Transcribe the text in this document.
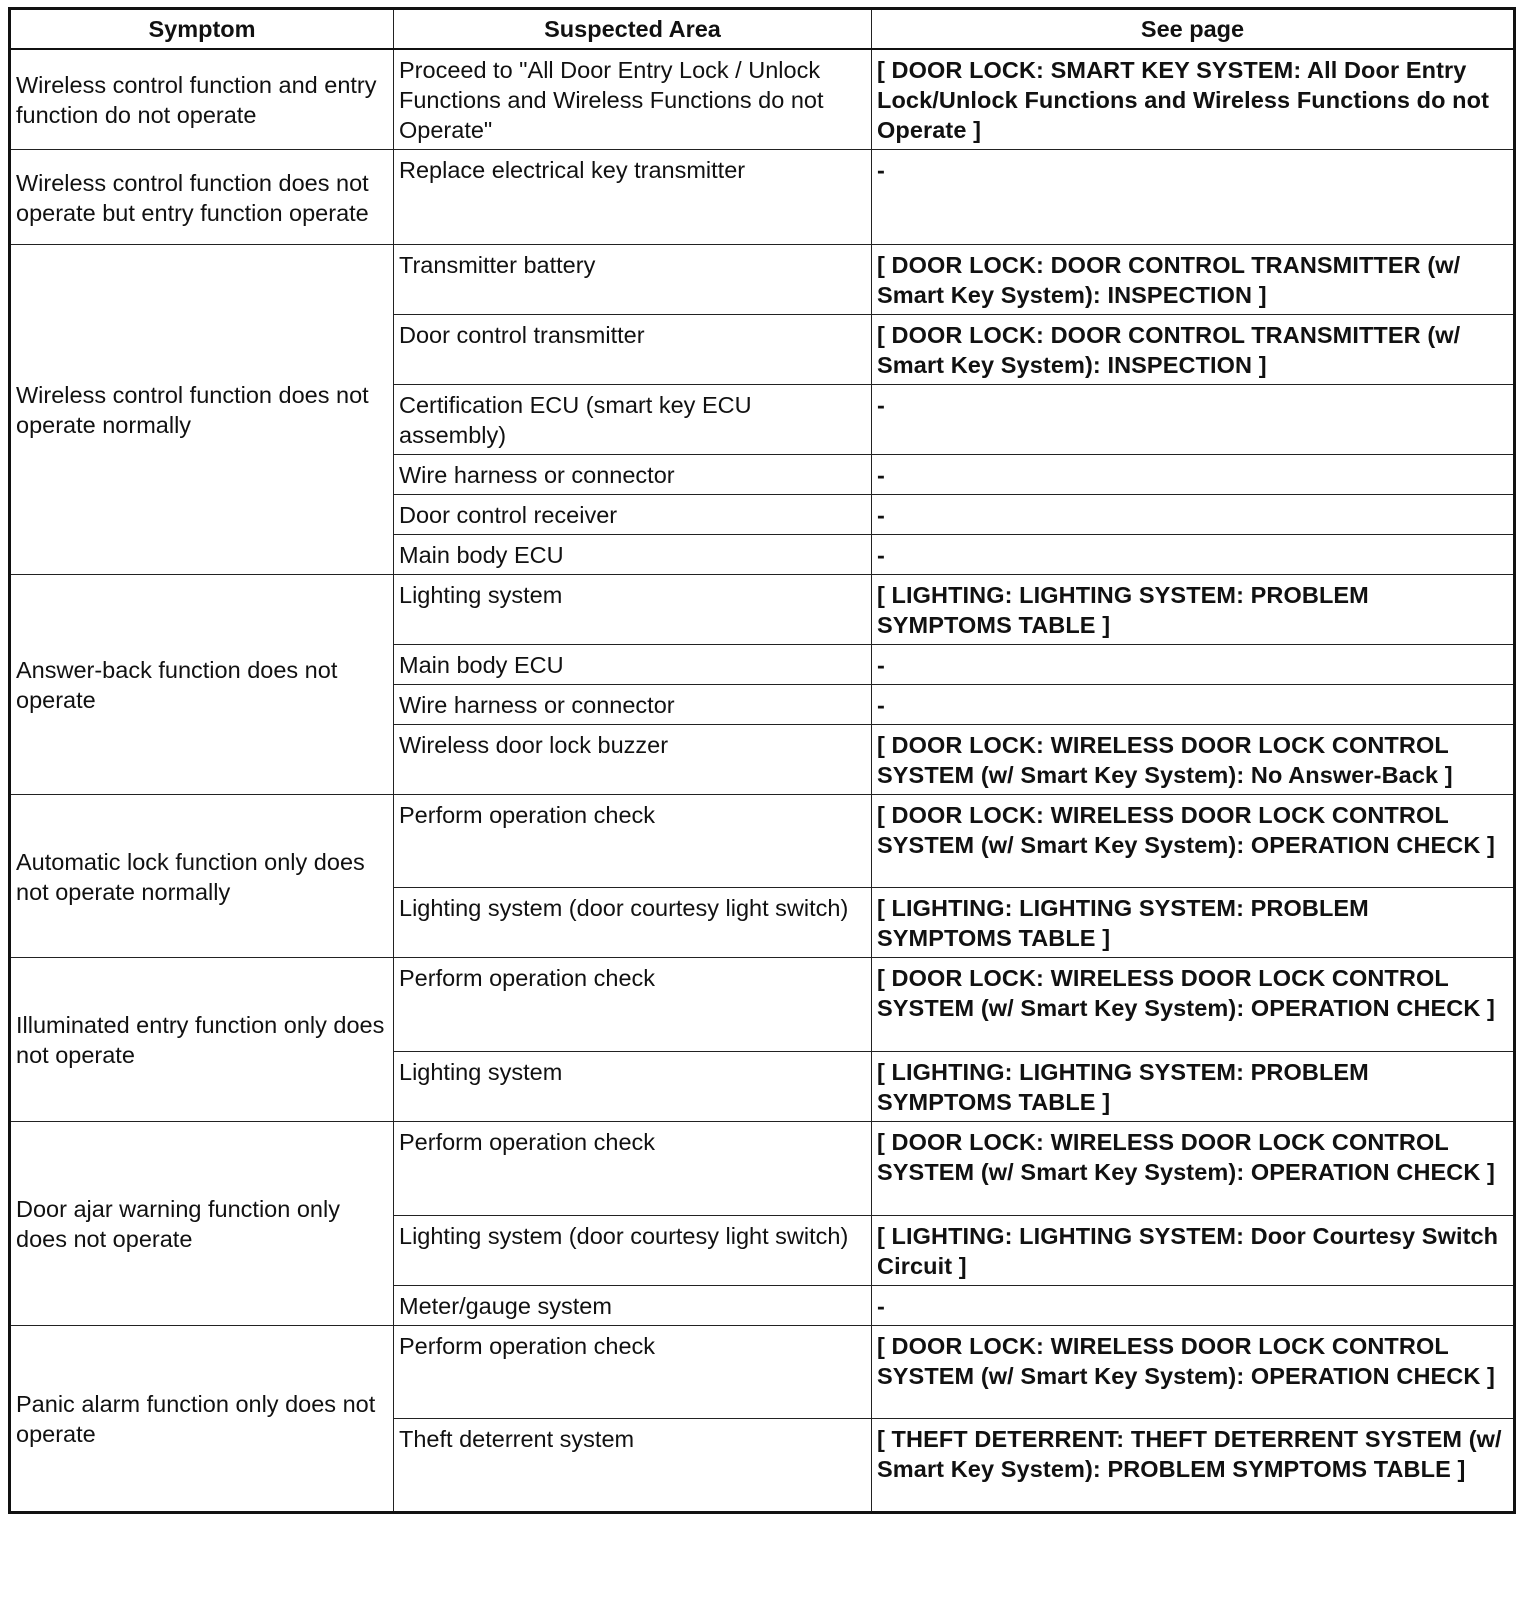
Symptom	Suspected Area	See page
Wireless control function and entry function do not operate	Proceed to "All Door Entry Lock / Unlock Functions and Wireless Functions do not Operate"	[ DOOR LOCK: SMART KEY SYSTEM: All Door Entry Lock/Unlock Functions and Wireless Functions do not Operate ]
Wireless control function does not operate but entry function operate	Replace electrical key transmitter	-
Wireless control function does not operate normally	Transmitter battery	[ DOOR LOCK: DOOR CONTROL TRANSMITTER (w/ Smart Key System): INSPECTION ]
	Door control transmitter	[ DOOR LOCK: DOOR CONTROL TRANSMITTER (w/ Smart Key System): INSPECTION ]
	Certification ECU (smart key ECU assembly)	-
	Wire harness or connector	-
	Door control receiver	-
	Main body ECU	-
Answer-back function does not operate	Lighting system	[ LIGHTING: LIGHTING SYSTEM: PROBLEM SYMPTOMS TABLE ]
	Main body ECU	-
	Wire harness or connector	-
	Wireless door lock buzzer	[ DOOR LOCK: WIRELESS DOOR LOCK CONTROL SYSTEM (w/ Smart Key System): No Answer-Back ]
Automatic lock function only does not operate normally	Perform operation check	[ DOOR LOCK: WIRELESS DOOR LOCK CONTROL SYSTEM (w/ Smart Key System): OPERATION CHECK ]
	Lighting system (door courtesy light switch)	[ LIGHTING: LIGHTING SYSTEM: PROBLEM SYMPTOMS TABLE ]
Illuminated entry function only does not operate	Perform operation check	[ DOOR LOCK: WIRELESS DOOR LOCK CONTROL SYSTEM (w/ Smart Key System): OPERATION CHECK ]
	Lighting system	[ LIGHTING: LIGHTING SYSTEM: PROBLEM SYMPTOMS TABLE ]
Door ajar warning function only does not operate	Perform operation check	[ DOOR LOCK: WIRELESS DOOR LOCK CONTROL SYSTEM (w/ Smart Key System): OPERATION CHECK ]
	Lighting system (door courtesy light switch)	[ LIGHTING: LIGHTING SYSTEM: Door Courtesy Switch Circuit ]
	Meter/gauge system	-
Panic alarm function only does not operate	Perform operation check	[ DOOR LOCK: WIRELESS DOOR LOCK CONTROL SYSTEM (w/ Smart Key System): OPERATION CHECK ]
	Theft deterrent system	[ THEFT DETERRENT: THEFT DETERRENT SYSTEM (w/ Smart Key System): PROBLEM SYMPTOMS TABLE ]
